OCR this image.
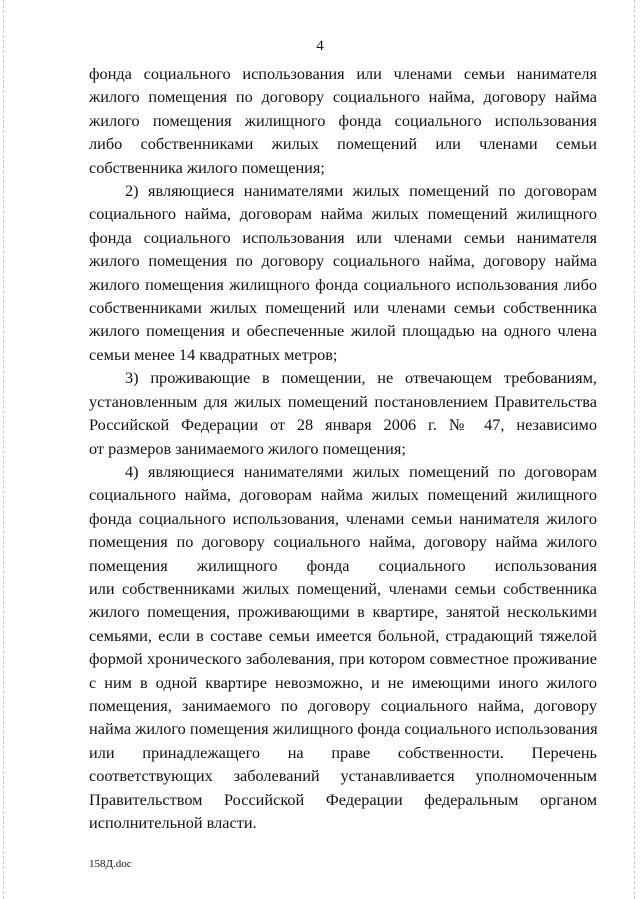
4
фонда социального использования или членами семьи нанимателя
жилого помещения по договору социального найма, договору найма
жилого помещения жилищного фонда социального использования
либо собственниками жилых помещений или членами семьи
собственника жилого помещения;
2) являющиеся нанимателями жилых помещений по договорам
социального найма, договорам найма жилых помещений жилищного
фонда социального использования или членами семьи нанимателя
жилого помещения по договору социального найма, договору найма
жилого помещения жилищного фонда социального использования либо
собственниками жилых помещений или членами семьи собственника
жилого помещения и обеспеченные жилой площадью на одного члена
семьи менее 14 квадратных метров;
3) проживающие в помещении, не отвечающем требованиям,
установленным для жилых помещений постановлением Правительства
Российской Федерации от 28 января 2006 г. № 47, независимо
от размеров занимаемого жилого помещения;
4) являющиеся нанимателями жилых помещений по договорам
социального найма, договорам найма жилых помещений жилищного
фонда социального использования, членами семьи нанимателя жилого
помещения по договору социального найма, договору найма жилого
помещения жилищного фонда социального использования
или собственниками жилых помещений, членами семьи собственника
жилого помещения, проживающими в квартире, занятой несколькими
семьями, если в составе семьи имеется больной, страдающий тяжелой
формой хронического заболевания, при котором совместное проживание
с ним в одной квартире невозможно, и не имеющими иного жилого
помещения, занимаемого по договору социального найма, договору
найма жилого помещения жилищного фонда социального использования
или принадлежащего на праве собственности. Перечень
соответствующих заболеваний устанавливается уполномоченным
Правительством Российской Федерации федеральным органом
исполнительной власти.
158Д.doc
